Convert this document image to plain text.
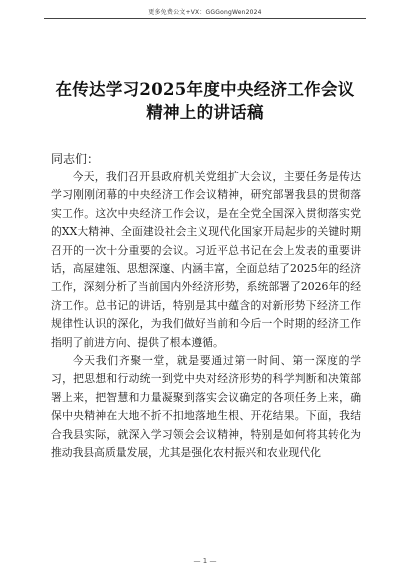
更多免费公文+VX：GGGongWen2024
在传达学习2025年度中央经济工作会议
精神上的讲话稿
同志们：

今天，我们召开县政府机关党组扩大会议，主要任务是传达学习刚刚闭幕的中央经济工作会议精神，研究部署我县的贯彻落实工作。这次中央经济工作会议，是在全党全国深入贯彻落实党的XX大精神、全面建设社会主义现代化国家开局起步的关键时期召开的一次十分重要的会议。习近平总书记在会上发表的重要讲话，高屋建瓴、思想深邃、内涵丰富，全面总结了2025年的经济工作，深刻分析了当前国内外经济形势，系统部署了2026年的经济工作。总书记的讲话，特别是其中蕴含的对新形势下经济工作规律性认识的深化，为我们做好当前和今后一个时期的经济工作指明了前进方向、提供了根本遵循。

今天我们齐聚一堂，就是要通过第一时间、第一深度的学习，把思想和行动统一到党中央对经济形势的科学判断和决策部署上来，把智慧和力量凝聚到落实会议确定的各项任务上来，确保中央精神在大地不折不扣地落地生根、开花结果。下面，我结合我县实际，就深入学习领会会议精神，特别是如何将其转化为推动我县高质量发展，尤其是强化农村振兴和农业现代化

— 1 —
